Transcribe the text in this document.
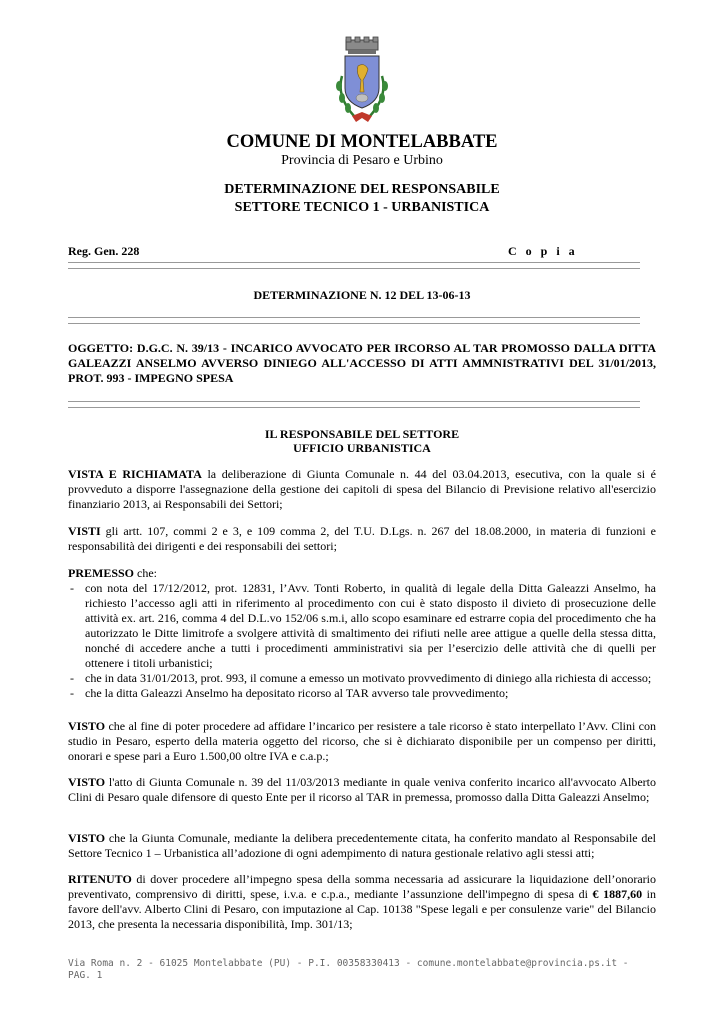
COMUNE DI MONTELABBATE
Provincia di Pesaro e Urbino
DETERMINAZIONE DEL RESPONSABILE
SETTORE TECNICO 1 - URBANISTICA
Reg. Gen. 228	C o p i a
DETERMINAZIONE N. 12 DEL 13-06-13
OGGETTO: D.G.C. N. 39/13 - INCARICO AVVOCATO PER IRCORSO AL TAR PROMOSSO DALLA DITTA GALEAZZI ANSELMO AVVERSO DINIEGO ALL'ACCESSO DI ATTI AMMNISTRATIVI DEL 31/01/2013, PROT. 993 - IMPEGNO SPESA
IL RESPONSABILE DEL SETTORE
UFFICIO URBANISTICA
VISTA E RICHIAMATA la deliberazione di Giunta Comunale n. 44 del 03.04.2013, esecutiva, con la quale si é provveduto a disporre l'assegnazione della gestione dei capitoli di spesa del Bilancio di Previsione relativo all'esercizio finanziario 2013, ai Responsabili dei Settori;
VISTI gli artt. 107, commi 2 e 3, e 109 comma 2, del T.U. D.Lgs. n. 267 del 18.08.2000, in materia di funzioni e responsabilità dei dirigenti e dei responsabili dei settori;
PREMESSO che:
- con nota del 17/12/2012, prot. 12831, l’Avv. Tonti Roberto, in qualità di legale della Ditta Galeazzi Anselmo, ha richiesto l’accesso agli atti in riferimento al procedimento con cui è stato disposto il divieto di prosecuzione delle attività ex. art. 216, comma 4 del D.L.vo 152/06 s.m.i, allo scopo esaminare ed estrarre copia del procedimento che ha autorizzato le Ditte limitrofe a svolgere attività di smaltimento dei rifiuti nelle aree attigue a quelle della stessa ditta, nonché di accedere anche a tutti i procedimenti amministrativi sia per l’esercizio delle attività che di quelli per ottenere i titoli urbanistici;
- che in data 31/01/2013, prot. 993, il comune a emesso un motivato provvedimento di diniego alla richiesta di accesso;
- che la ditta Galeazzi Anselmo ha depositato ricorso al TAR avverso tale provvedimento;
VISTO che al fine di poter procedere ad affidare l’incarico per resistere a tale ricorso è stato interpellato l’Avv. Clini con studio in Pesaro, esperto della materia oggetto del ricorso, che si è dichiarato disponibile per un compenso per diritti, onorari e spese pari a Euro 1.500,00 oltre IVA e c.a.p.;
VISTO l'atto di Giunta Comunale n. 39 del 11/03/2013 mediante in quale veniva conferito incarico all'avvocato Alberto Clini di Pesaro quale difensore di questo Ente per il ricorso al TAR in premessa, promosso dalla Ditta Galeazzi Anselmo;
VISTO che la Giunta Comunale, mediante la delibera precedentemente citata, ha conferito mandato al Responsabile del Settore Tecnico 1 – Urbanistica all’adozione di ogni adempimento di natura gestionale relativo agli stessi atti;
RITENUTO di dover procedere all’impegno spesa della somma necessaria ad assicurare la liquidazione dell’onorario preventivato, comprensivo di diritti, spese, i.v.a. e c.p.a., mediante l’assunzione dell'impegno di spesa di € 1887,60 in favore dell'avv. Alberto Clini di Pesaro, con imputazione al Cap. 10138 "Spese legali e per consulenze varie" del Bilancio 2013, che presenta la necessaria disponibilità, Imp. 301/13;
Via Roma n. 2 - 61025 Montelabbate (PU) - P.I. 00358330413 - comune.montelabbate@provincia.ps.it -
PAG. 1
